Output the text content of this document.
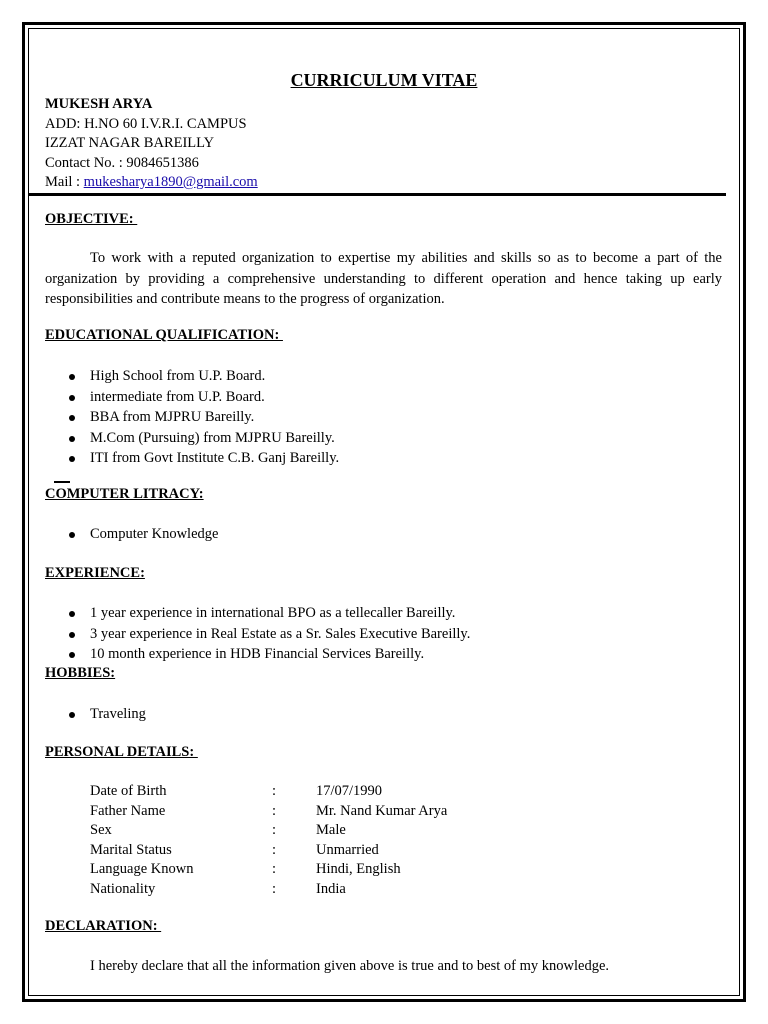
CURRICULUM VITAE
MUKESH ARYA
ADD: H.NO 60 I.V.R.I. CAMPUS
IZZAT NAGAR BAREILLY
Contact No. : 9084651386
Mail : mukesharya1890@gmail.com
OBJECTIVE:
To work with a reputed organization to expertise my abilities and skills so as to become a part of the organization by providing a comprehensive understanding to different operation and hence taking up early responsibilities and contribute means to the progress of organization.
EDUCATIONAL QUALIFICATION:
High School from U.P. Board.
intermediate from U.P. Board.
BBA from MJPRU Bareilly.
M.Com (Pursuing) from MJPRU Bareilly.
ITI from Govt Institute C.B. Ganj Bareilly.
COMPUTER LITRACY:
Computer Knowledge
EXPERIENCE:
1 year experience in international BPO as a tellecaller Bareilly.
3 year experience in Real Estate as a Sr. Sales Executive Bareilly.
10 month experience in HDB Financial Services Bareilly.
HOBBIES:
Traveling
PERSONAL DETAILS:
Date of Birth	:	17/07/1990
Father Name	:	Mr. Nand Kumar Arya
Sex	:	Male
Marital Status	:	Unmarried
Language Known	:	Hindi, English
Nationality	:	India
DECLARATION:
I hereby declare that all the information given above is true and to best of my knowledge.
